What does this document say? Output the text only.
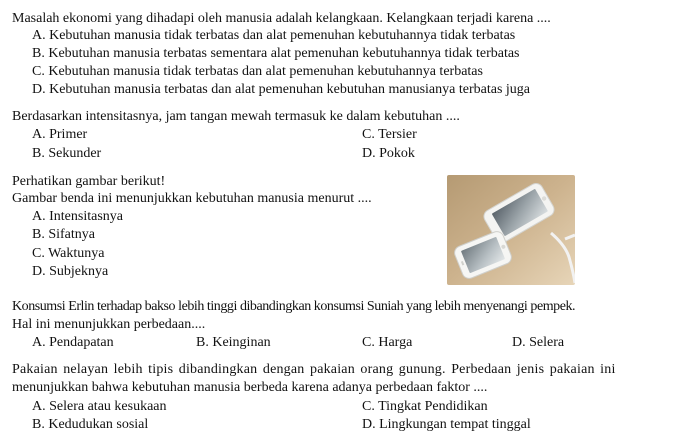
Masalah ekonomi yang dihadapi oleh manusia adalah kelangkaan. Kelangkaan terjadi karena ....
A. Kebutuhan manusia tidak terbatas dan alat pemenuhan kebutuhannya tidak terbatas
B. Kebutuhan manusia terbatas sementara alat pemenuhan kebutuhannya tidak terbatas
C. Kebutuhan manusia tidak terbatas dan alat pemenuhan kebutuhannya terbatas
D. Kebutuhan manusia terbatas dan alat pemenuhan kebutuhan manusianya terbatas juga
Berdasarkan intensitasnya, jam tangan mewah termasuk ke dalam kebutuhan ....
A. Primer	C. Tersier
B. Sekunder	D. Pokok
Perhatikan gambar berikut!
Gambar benda ini menunjukkan kebutuhan manusia menurut ....
A. Intensitasnya
B. Sifatnya
C. Waktunya
D. Subjeknya
Konsumsi Erlin terhadap bakso lebih tinggi dibandingkan konsumsi Suniah yang lebih menyenangi pempek.
Hal ini menunjukkan perbedaan....
A. Pendapatan	B. Keinginan	C. Harga	D. Selera
Pakaian nelayan lebih tipis dibandingkan dengan pakaian orang gunung. Perbedaan jenis pakaian ini
menunjukkan bahwa kebutuhan manusia berbeda karena adanya perbedaan faktor ....
A. Selera atau kesukaan	C. Tingkat Pendidikan
B. Kedudukan sosial	D. Lingkungan tempat tinggal
